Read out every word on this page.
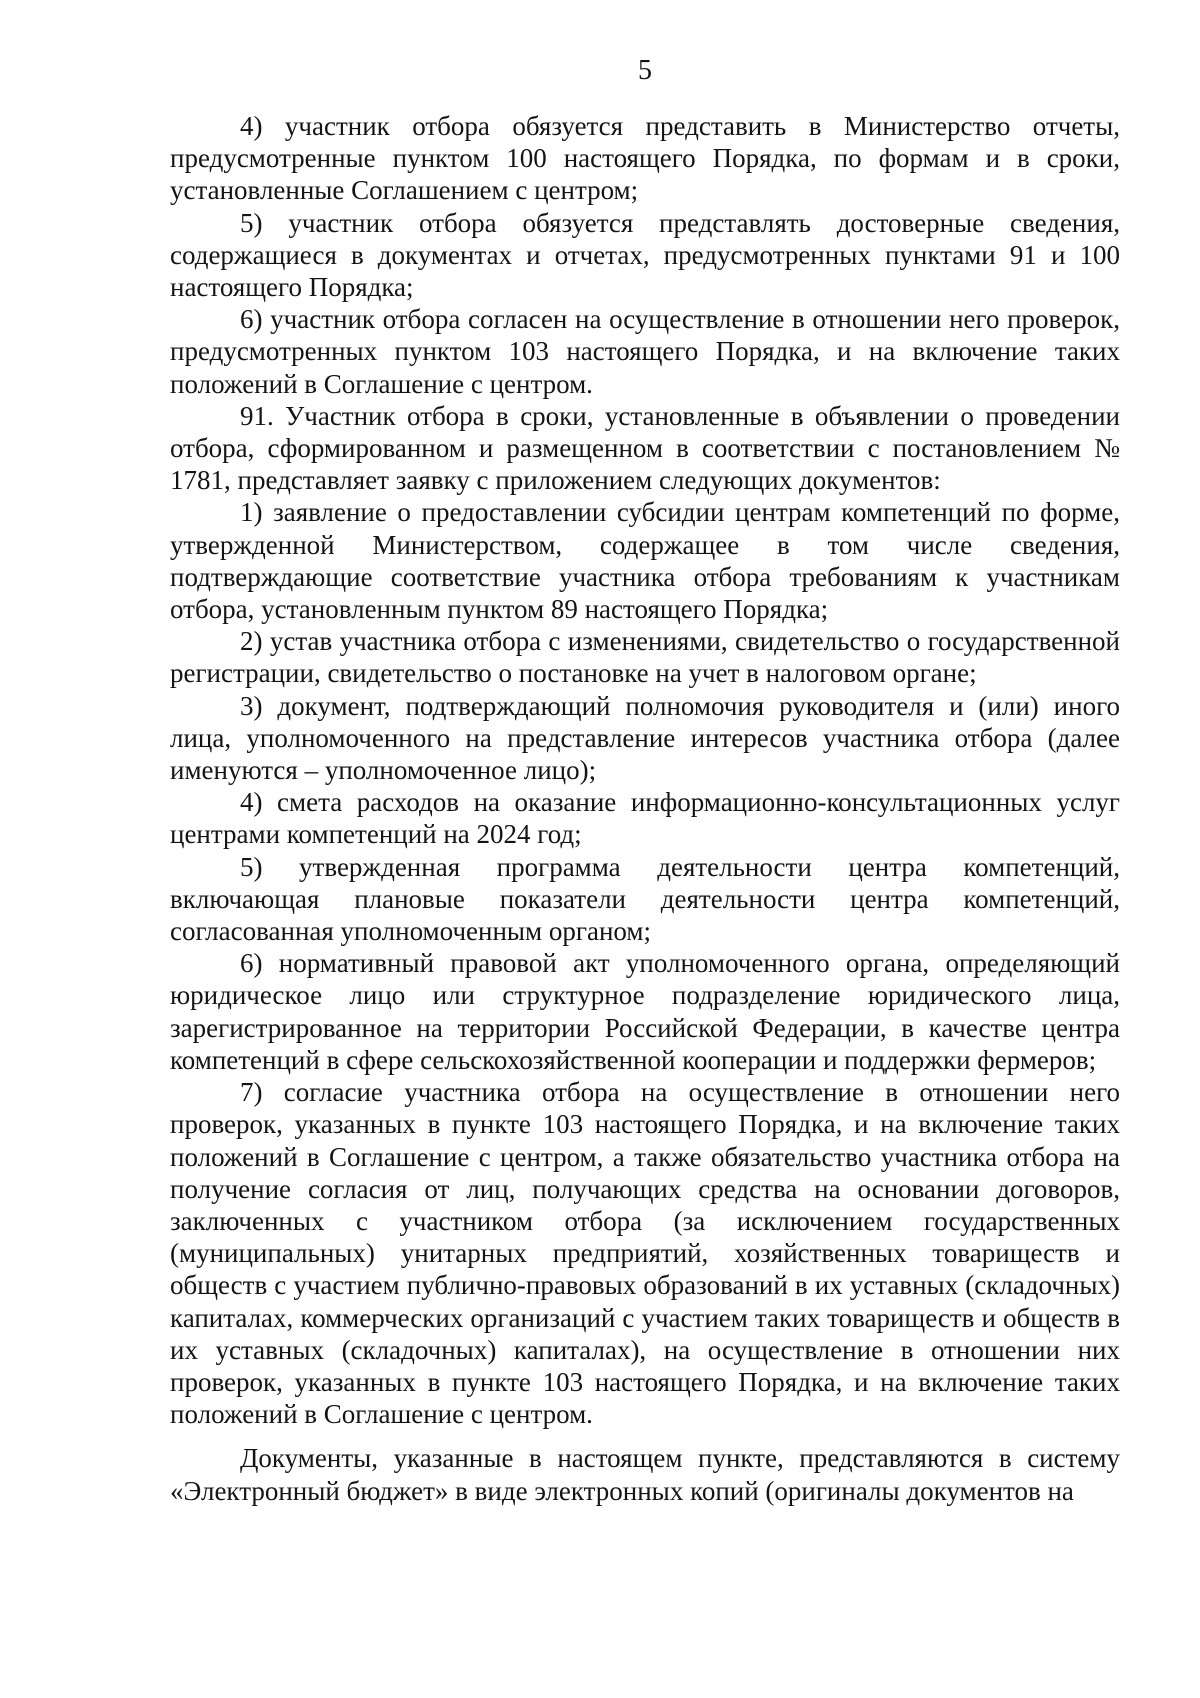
5

4) участник отбора обязуется представить в Министерство отчеты, предусмотренные пунктом 100 настоящего Порядка, по формам и в сроки, установленные Соглашением с центром;

5) участник отбора обязуется представлять достоверные сведения, содержащиеся в документах и отчетах, предусмотренных пунктами 91 и 100 настоящего Порядка;

6) участник отбора согласен на осуществление в отношении него проверок, предусмотренных пунктом 103 настоящего Порядка, и на включение таких положений в Соглашение с центром.

91. Участник отбора в сроки, установленные в объявлении о проведении отбора, сформированном и размещенном в соответствии с постановлением № 1781, представляет заявку с приложением следующих документов:

1) заявление о предоставлении субсидии центрам компетенций по форме, утвержденной Министерством, содержащее в том числе сведения, подтверждающие соответствие участника отбора требованиям к участникам отбора, установленным пунктом 89 настоящего Порядка;

2) устав участника отбора с изменениями, свидетельство о государственной регистрации, свидетельство о постановке на учет в налоговом органе;

3) документ, подтверждающий полномочия руководителя и (или) иного лица, уполномоченного на представление интересов участника отбора (далее именуются – уполномоченное лицо);

4) смета расходов на оказание информационно-консультационных услуг центрами компетенций на 2024 год;

5) утвержденная программа деятельности центра компетенций, включающая плановые показатели деятельности центра компетенций, согласованная уполномоченным органом;

6) нормативный правовой акт уполномоченного органа, определяющий юридическое лицо или структурное подразделение юридического лица, зарегистрированное на территории Российской Федерации, в качестве центра компетенций в сфере сельскохозяйственной кооперации и поддержки фермеров;

7) согласие участника отбора на осуществление в отношении него проверок, указанных в пункте 103 настоящего Порядка, и на включение таких положений в Соглашение с центром, а также обязательство участника отбора на получение согласия от лиц, получающих средства на основании договоров, заключенных с участником отбора (за исключением государственных (муниципальных) унитарных предприятий, хозяйственных товариществ и обществ с участием публично-правовых образований в их уставных (складочных) капиталах, коммерческих организаций с участием таких товариществ и обществ в их уставных (складочных) капиталах), на осуществление в отношении них проверок, указанных в пункте 103 настоящего Порядка, и на включение таких положений в Соглашение с центром.

Документы, указанные в настоящем пункте, представляются в систему «Электронный бюджет» в виде электронных копий (оригиналы документов на
